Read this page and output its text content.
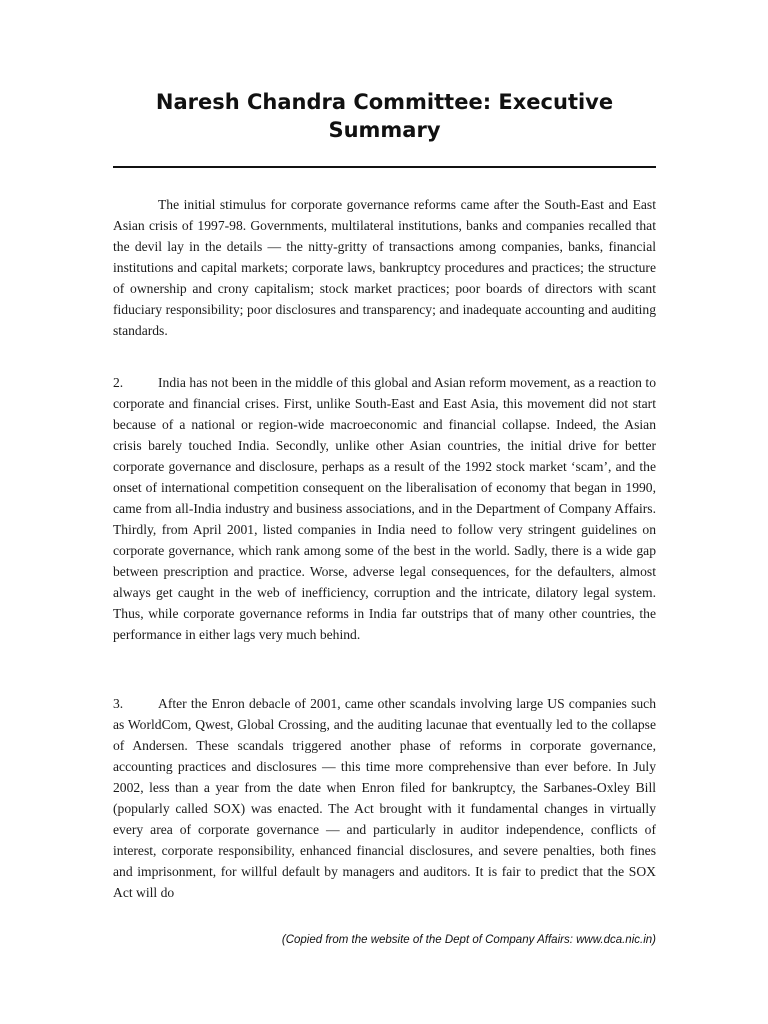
Naresh Chandra Committee: Executive Summary

The initial stimulus for corporate governance reforms came after the South-East and East Asian crisis of 1997-98. Governments, multilateral institutions, banks and companies recalled that the devil lay in the details — the nitty-gritty of transactions among companies, banks, financial institutions and capital markets; corporate laws, bankruptcy procedures and practices; the structure of ownership and crony capitalism; stock market practices; poor boards of directors with scant fiduciary responsibility; poor disclosures and transparency; and inadequate accounting and auditing standards.

2.	India has not been in the middle of this global and Asian reform movement, as a reaction to corporate and financial crises. First, unlike South-East and East Asia, this movement did not start because of a national or region-wide macroeconomic and financial collapse. Indeed, the Asian crisis barely touched India. Secondly, unlike other Asian countries, the initial drive for better corporate governance and disclosure, perhaps as a result of the 1992 stock market ‘scam’, and the onset of international competition consequent on the liberalisation of economy that began in 1990, came from all-India industry and business associations, and in the Department of Company Affairs. Thirdly, from April 2001, listed companies in India need to follow very stringent guidelines on corporate governance, which rank among some of the best in the world. Sadly, there is a wide gap between prescription and practice. Worse, adverse legal consequences, for the defaulters, almost always get caught in the web of inefficiency, corruption and the intricate, dilatory legal system. Thus, while corporate governance reforms in India far outstrips that of many other countries, the performance in either lags very much behind.

3.	After the Enron debacle of 2001, came other scandals involving large US companies such as WorldCom, Qwest, Global Crossing, and the auditing lacunae that eventually led to the collapse of Andersen. These scandals triggered another phase of reforms in corporate governance, accounting practices and disclosures — this time more comprehensive than ever before. In July 2002, less than a year from the date when Enron filed for bankruptcy, the Sarbanes-Oxley Bill (popularly called SOX) was enacted. The Act brought with it fundamental changes in virtually every area of corporate governance — and particularly in auditor independence, conflicts of interest, corporate responsibility, enhanced financial disclosures, and severe penalties, both fines and imprisonment, for willful default by managers and auditors. It is fair to predict that the SOX Act will do

(Copied from the website of the Dept of Company Affairs: www.dca.nic.in)
